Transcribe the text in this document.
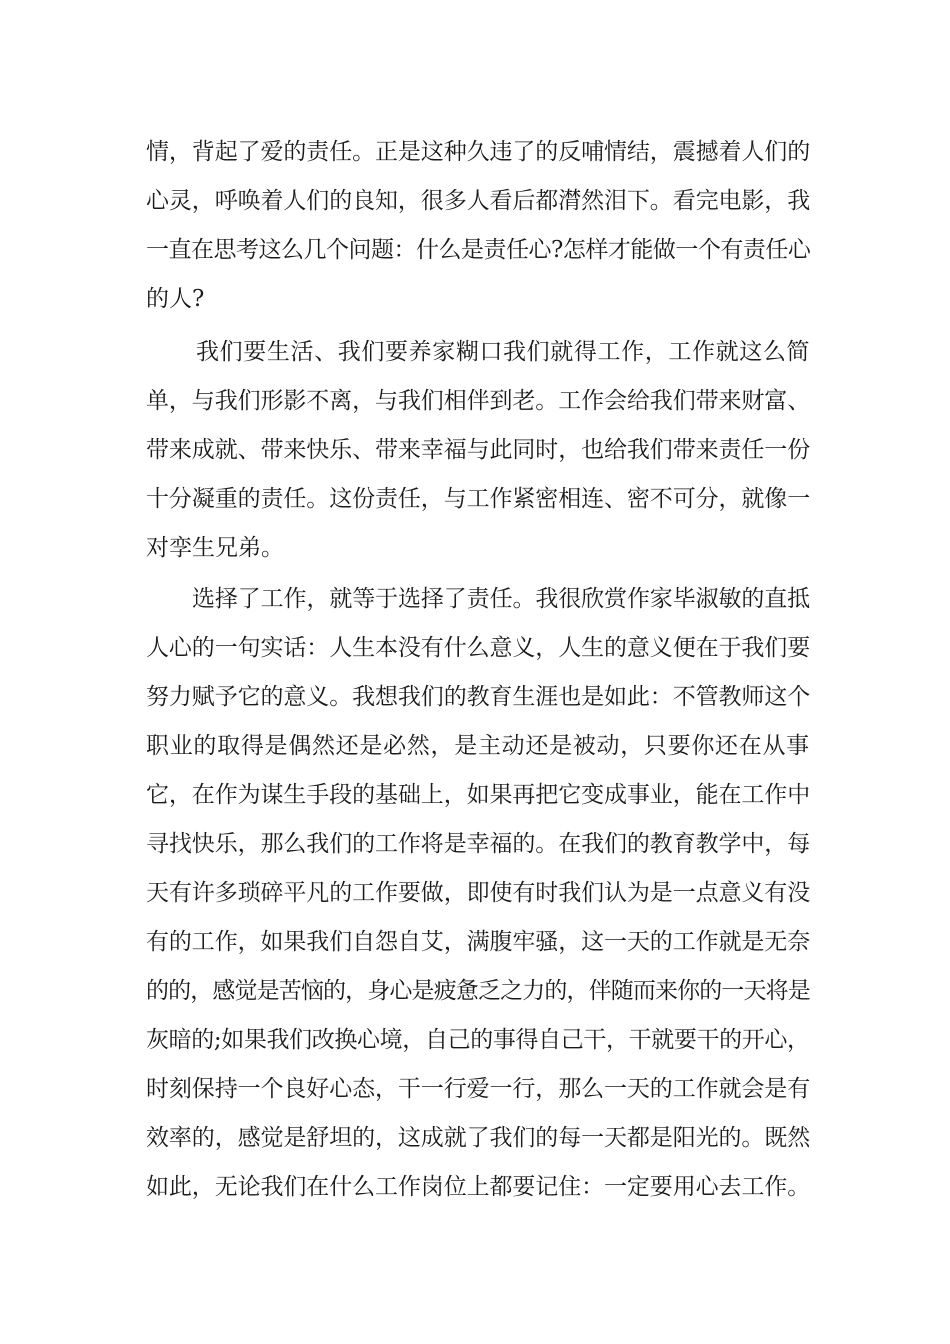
情，背起了爱的责任。正是这种久违了的反哺情结，震撼着人们的
心灵，呼唤着人们的良知，很多人看后都潸然泪下。看完电影，我
一直在思考这么几个问题：什么是责任心?怎样才能做一个有责任心
的人?
我们要生活、我们要养家糊口我们就得工作，工作就这么简
单，与我们形影不离，与我们相伴到老。工作会给我们带来财富、
带来成就、带来快乐、带来幸福与此同时，也给我们带来责任一份
十分凝重的责任。这份责任，与工作紧密相连、密不可分，就像一
对孪生兄弟。
选择了工作，就等于选择了责任。我很欣赏作家毕淑敏的直抵
人心的一句实话：人生本没有什么意义，人生的意义便在于我们要
努力赋予它的意义。我想我们的教育生涯也是如此：不管教师这个
职业的取得是偶然还是必然，是主动还是被动，只要你还在从事
它，在作为谋生手段的基础上，如果再把它变成事业，能在工作中
寻找快乐，那么我们的工作将是幸福的。在我们的教育教学中，每
天有许多琐碎平凡的工作要做，即使有时我们认为是一点意义有没
有的工作，如果我们自怨自艾，满腹牢骚，这一天的工作就是无奈
的的，感觉是苦恼的，身心是疲惫乏之力的，伴随而来你的一天将是
灰暗的;如果我们改换心境，自己的事得自己干，干就要干的开心，
时刻保持一个良好心态，干一行爱一行，那么一天的工作就会是有
效率的，感觉是舒坦的，这成就了我们的每一天都是阳光的。既然
如此，无论我们在什么工作岗位上都要记住：一定要用心去工作。
